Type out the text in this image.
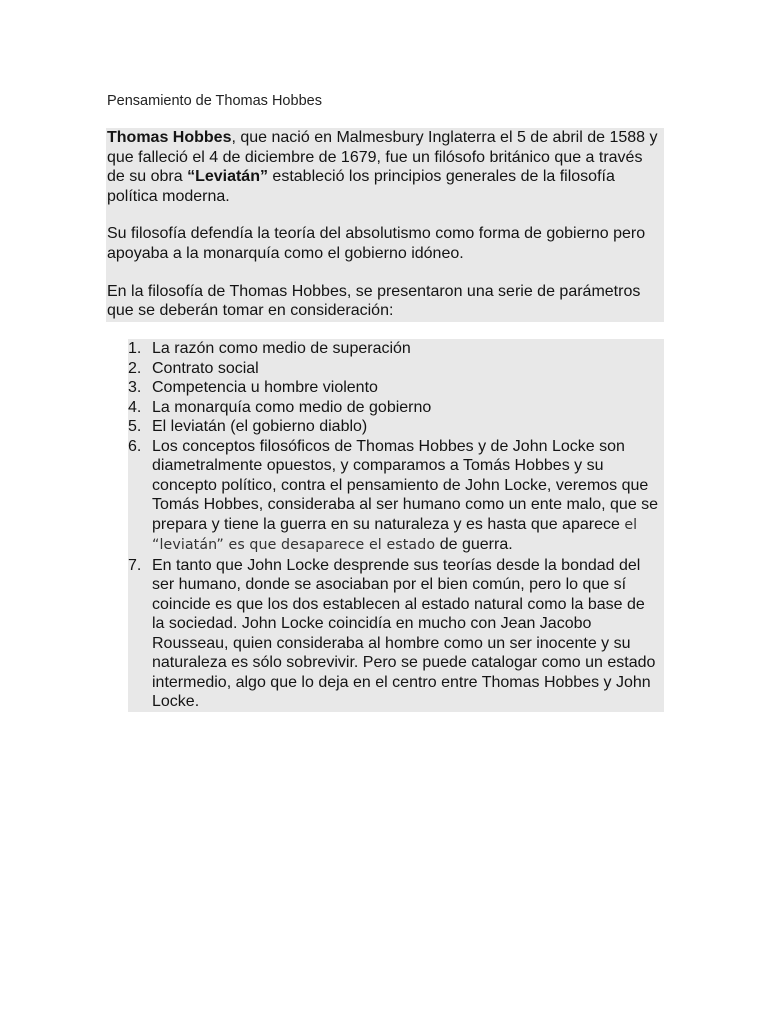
Pensamiento de Thomas Hobbes

Thomas Hobbes, que nació en Malmesbury Inglaterra el 5 de abril de 1588 y que falleció el 4 de diciembre de 1679, fue un filósofo británico que a través de su obra “Leviatán” estableció los principios generales de la filosofía política moderna.

Su filosofía defendía la teoría del absolutismo como forma de gobierno pero apoyaba a la monarquía como el gobierno idóneo.

En la filosofía de Thomas Hobbes, se presentaron una serie de parámetros que se deberán tomar en consideración:

1. La razón como medio de superación
2. Contrato social
3. Competencia u hombre violento
4. La monarquía como medio de gobierno
5. El leviatán (el gobierno diablo)
6. Los conceptos filosóficos de Thomas Hobbes y de John Locke son diametralmente opuestos, y comparamos a Tomás Hobbes y su concepto político, contra el pensamiento de John Locke, veremos que Tomás Hobbes, consideraba al ser humano como un ente malo, que se prepara y tiene la guerra en su naturaleza y es hasta que aparece el “leviatán” es que desaparece el estado de guerra.
7. En tanto que John Locke desprende sus teorías desde la bondad del ser humano, donde se asociaban por el bien común, pero lo que sí coincide es que los dos establecen al estado natural como la base de la sociedad. John Locke coincidía en mucho con Jean Jacobo Rousseau, quien consideraba al hombre como un ser inocente y su naturaleza es sólo sobrevivir. Pero se puede catalogar como un estado intermedio, algo que lo deja en el centro entre Thomas Hobbes y John Locke.
